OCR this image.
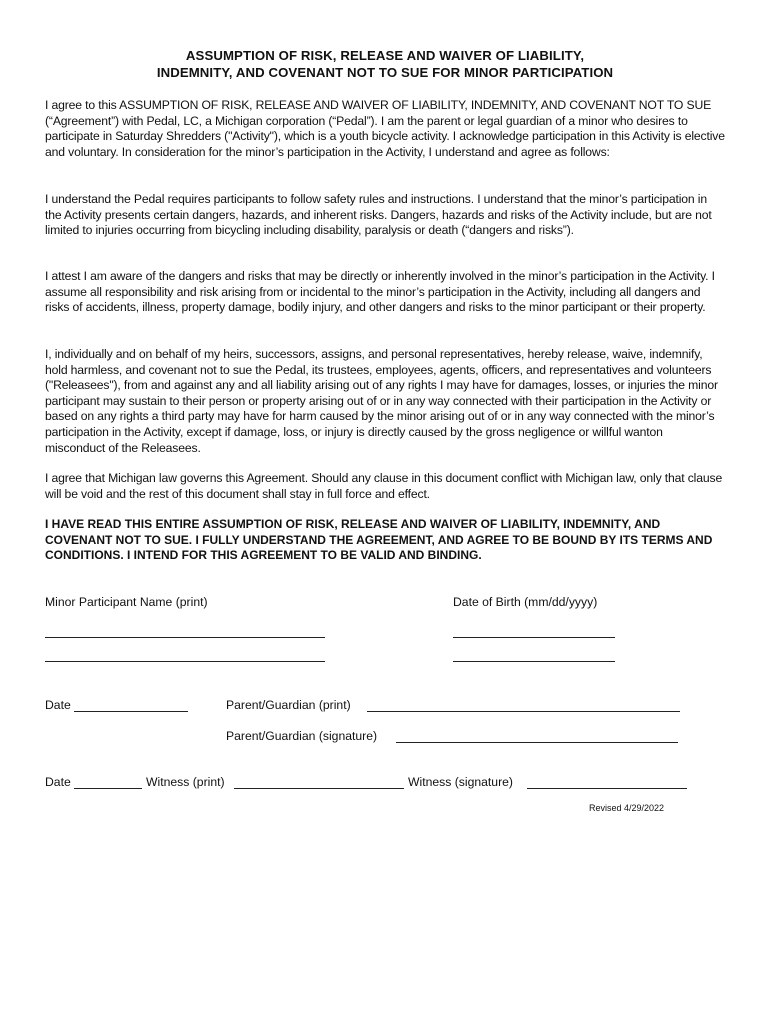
ASSUMPTION OF RISK, RELEASE AND WAIVER OF LIABILITY,
INDEMNITY, AND COVENANT NOT TO SUE FOR MINOR PARTICIPATION

I agree to this ASSUMPTION OF RISK, RELEASE AND WAIVER OF LIABILITY, INDEMNITY, AND COVENANT NOT TO SUE (“Agreement”) with Pedal, LC, a Michigan corporation (“Pedal”). I am the parent or legal guardian of a minor who desires to participate in Saturday Shredders ("Activity"), which is a youth bicycle activity. I acknowledge participation in this Activity is elective and voluntary. In consideration for the minor’s participation in the Activity, I understand and agree as follows:

I understand the Pedal requires participants to follow safety rules and instructions. I understand that the minor’s participation in the Activity presents certain dangers, hazards, and inherent risks. Dangers, hazards and risks of the Activity include, but are not limited to injuries occurring from bicycling including disability, paralysis or death (“dangers and risks”).

I attest I am aware of the dangers and risks that may be directly or inherently involved in the minor’s participation in the Activity. I assume all responsibility and risk arising from or incidental to the minor’s participation in the Activity, including all dangers and risks of accidents, illness, property damage, bodily injury, and other dangers and risks to the minor participant or their property.

I, individually and on behalf of my heirs, successors, assigns, and personal representatives, hereby release, waive, indemnify, hold harmless, and covenant not to sue the Pedal, its trustees, employees, agents, officers, and representatives and volunteers ("Releasees"), from and against any and all liability arising out of any rights I may have for damages, losses, or injuries the minor participant may sustain to their person or property arising out of or in any way connected with their participation in the Activity or based on any rights a third party may have for harm caused by the minor arising out of or in any way connected with the minor’s participation in the Activity, except if damage, loss, or injury is directly caused by the gross negligence or willful wanton misconduct of the Releasees.

I agree that Michigan law governs this Agreement. Should any clause in this document conflict with Michigan law, only that clause will be void and the rest of this document shall stay in full force and effect.

I HAVE READ THIS ENTIRE ASSUMPTION OF RISK, RELEASE AND WAIVER OF LIABILITY, INDEMNITY, AND COVENANT NOT TO SUE. I FULLY UNDERSTAND THE AGREEMENT, AND AGREE TO BE BOUND BY ITS TERMS AND CONDITIONS. I INTEND FOR THIS AGREEMENT TO BE VALID AND BINDING.

Minor Participant Name (print)	Date of Birth (mm/dd/yyyy)
Date	Parent/Guardian (print)
Parent/Guardian (signature)
Date	Witness (print)	Witness (signature)
Revised 4/29/2022
